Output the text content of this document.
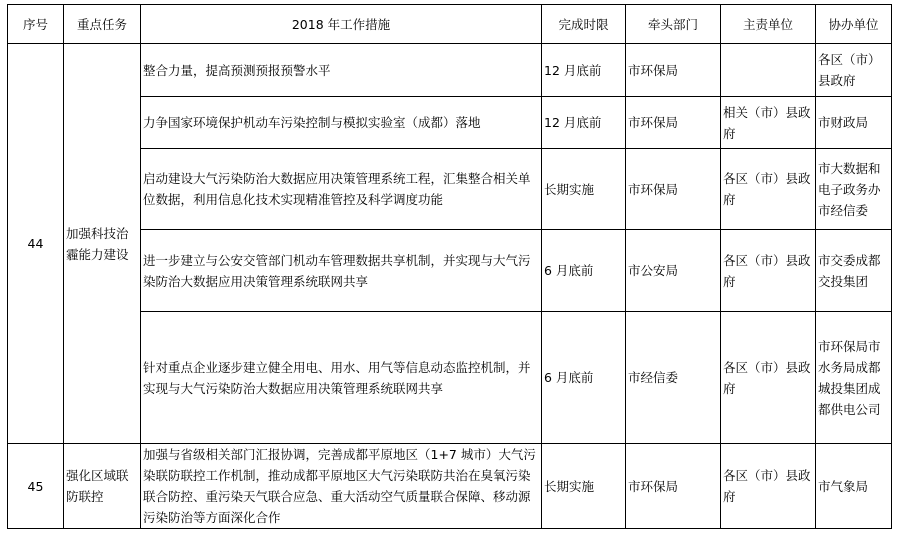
序号	重点任务	2018 年工作措施	完成时限	牵头部门	主责单位	协办单位
44	加强科技治霾能力建设	整合力量，提高预测预报预警水平	12 月底前	市环保局		各区（市）县政府
		力争国家环境保护机动车污染控制与模拟实验室（成都）落地	12 月底前	市环保局	相关（市）县政府	市财政局
		启动建设大气污染防治大数据应用决策管理系统工程，汇集整合相关单位数据，利用信息化技术实现精准管控及科学调度功能	长期实施	市环保局	各区（市）县政府	市大数据和电子政务办市经信委
		进一步建立与公安交管部门机动车管理数据共享机制，并实现与大气污染防治大数据应用决策管理系统联网共享	6 月底前	市公安局	各区（市）县政府	市交委成都交投集团
		针对重点企业逐步建立健全用电、用水、用气等信息动态监控机制，并实现与大气污染防治大数据应用决策管理系统联网共享	6 月底前	市经信委	各区（市）县政府	市环保局市水务局成都城投集团成都供电公司
45	强化区域联防联控	加强与省级相关部门汇报协调，完善成都平原地区（1+7 城市）大气污染联防联控工作机制，推动成都平原地区大气污染联防共治在臭氧污染联合防控、重污染天气联合应急、重大活动空气质量联合保障、移动源污染防治等方面深化合作	长期实施	市环保局	各区（市）县政府	市气象局
